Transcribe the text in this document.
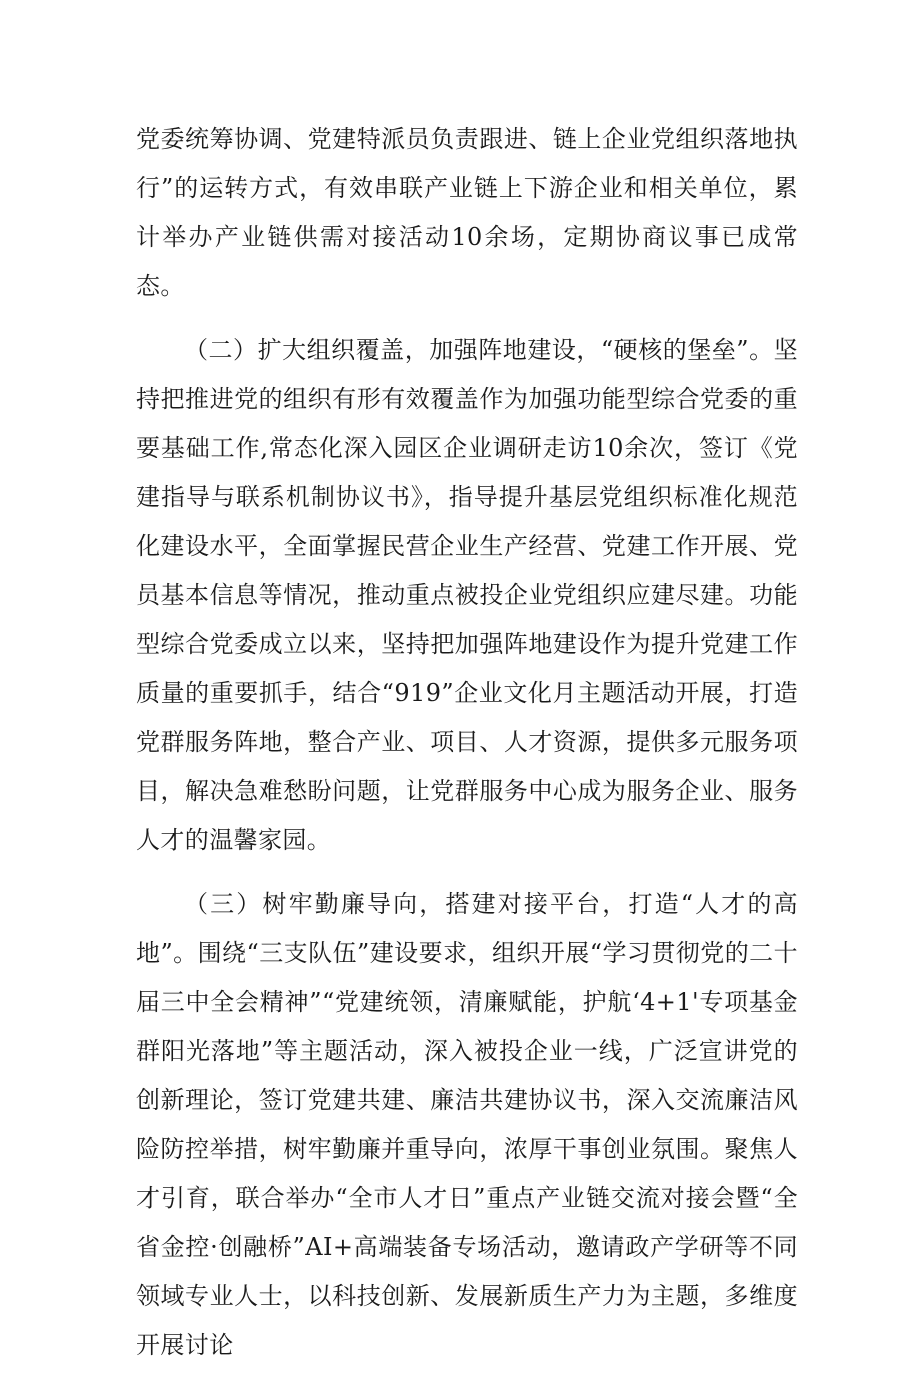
党委统筹协调、党建特派员负责跟进、链上企业党组织落地执行”的运转方式，有效串联产业链上下游企业和相关单位，累计举办产业链供需对接活动10余场，定期协商议事已成常态。

（二）扩大组织覆盖，加强阵地建设，“硬核的堡垒”。坚持把推进党的组织有形有效覆盖作为加强功能型综合党委的重要基础工作,常态化深入园区企业调研走访10余次，签订《党建指导与联系机制协议书》，指导提升基层党组织标准化规范化建设水平，全面掌握民营企业生产经营、党建工作开展、党员基本信息等情况，推动重点被投企业党组织应建尽建。功能型综合党委成立以来，坚持把加强阵地建设作为提升党建工作质量的重要抓手，结合“919”企业文化月主题活动开展，打造党群服务阵地，整合产业、项目、人才资源，提供多元服务项目，解决急难愁盼问题，让党群服务中心成为服务企业、服务人才的温馨家园。

（三）树牢勤廉导向，搭建对接平台，打造“人才的高地”。围绕“三支队伍”建设要求，组织开展“学习贯彻党的二十届三中全会精神”“党建统领，清廉赋能，护航‘4+1'专项基金群阳光落地”等主题活动，深入被投企业一线，广泛宣讲党的创新理论，签订党建共建、廉洁共建协议书，深入交流廉洁风险防控举措，树牢勤廉并重导向，浓厚干事创业氛围。聚焦人才引育，联合举办“全市人才日”重点产业链交流对接会暨“全省金控·创融桥”AI+高端装备专场活动，邀请政产学研等不同领域专业人士，以科技创新、发展新质生产力为主题，多维度开展讨论
